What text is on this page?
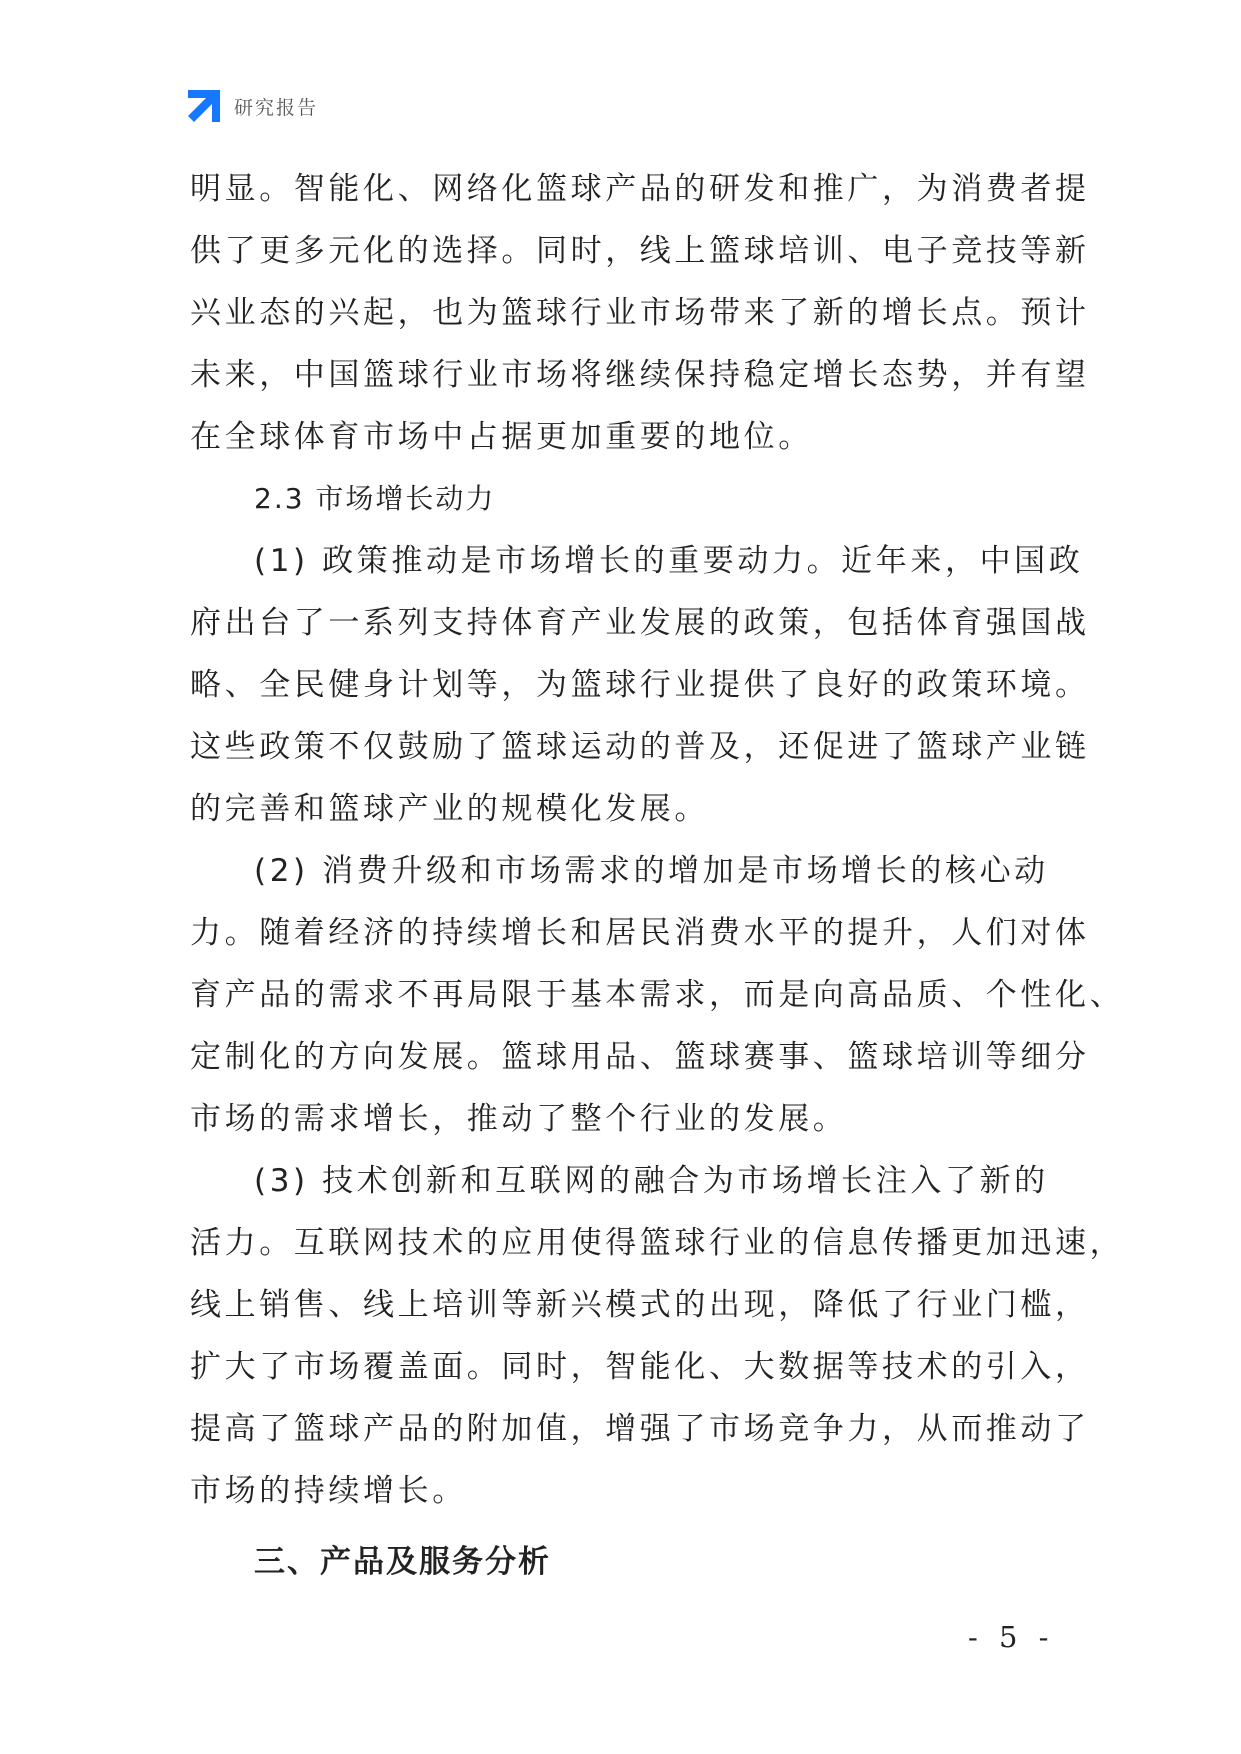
研究报告
明显。智能化、网络化篮球产品的研发和推广，为消费者提
供了更多元化的选择。同时，线上篮球培训、电子竞技等新
兴业态的兴起，也为篮球行业市场带来了新的增长点。预计
未来，中国篮球行业市场将继续保持稳定增长态势，并有望
在全球体育市场中占据更加重要的地位。
2.3 市场增长动力
(1) 政策推动是市场增长的重要动力。近年来，中国政
府出台了一系列支持体育产业发展的政策，包括体育强国战
略、全民健身计划等，为篮球行业提供了良好的政策环境。
这些政策不仅鼓励了篮球运动的普及，还促进了篮球产业链
的完善和篮球产业的规模化发展。
(2) 消费升级和市场需求的增加是市场增长的核心动
力。随着经济的持续增长和居民消费水平的提升，人们对体
育产品的需求不再局限于基本需求，而是向高品质、个性化、
定制化的方向发展。篮球用品、篮球赛事、篮球培训等细分
市场的需求增长，推动了整个行业的发展。
(3) 技术创新和互联网的融合为市场增长注入了新的
活力。互联网技术的应用使得篮球行业的信息传播更加迅速，
线上销售、线上培训等新兴模式的出现，降低了行业门槛，
扩大了市场覆盖面。同时，智能化、大数据等技术的引入，
提高了篮球产品的附加值，增强了市场竞争力，从而推动了
市场的持续增长。
三、产品及服务分析
- 5 -
